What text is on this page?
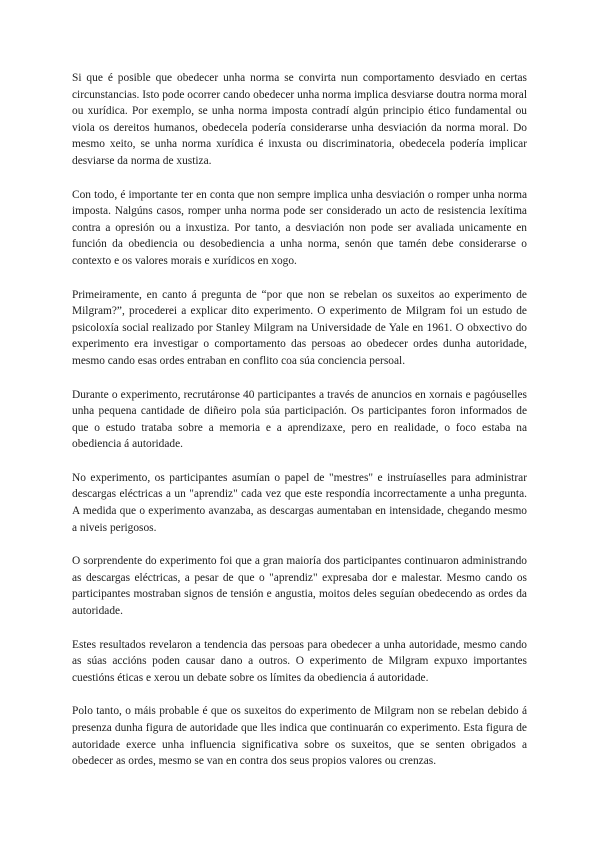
Si que é posible que obedecer unha norma se convirta nun comportamento desviado en certas circunstancias. Isto pode ocorrer cando obedecer unha norma implica desviarse doutra norma moral ou xurídica. Por exemplo, se unha norma imposta contradí algún principio ético fundamental ou viola os dereitos humanos, obedecela podería considerarse unha desviación da norma moral. Do mesmo xeito, se unha norma xurídica é inxusta ou discriminatoria, obedecela podería implicar desviarse da norma de xustiza.

Con todo, é importante ter en conta que non sempre implica unha desviación o romper unha norma imposta. Nalgúns casos, romper unha norma pode ser considerado un acto de resistencia lexítima contra a opresión ou a inxustiza. Por tanto, a desviación non pode ser avaliada unicamente en función da obediencia ou desobediencia a unha norma, senón que tamén debe considerarse o contexto e os valores morais e xurídicos en xogo.

Primeiramente, en canto á pregunta de “por que non se rebelan os suxeitos ao experimento de Milgram?”, procederei a explicar dito experimento. O experimento de Milgram foi un estudo de psicoloxía social realizado por Stanley Milgram na Universidade de Yale en 1961. O obxectivo do experimento era investigar o comportamento das persoas ao obedecer ordes dunha autoridade, mesmo cando esas ordes entraban en conflito coa súa conciencia persoal.

Durante o experimento, recrutáronse 40 participantes a través de anuncios en xornais e pagóuselles unha pequena cantidade de diñeiro pola súa participación. Os participantes foron informados de que o estudo trataba sobre a memoria e a aprendizaxe, pero en realidade, o foco estaba na obediencia á autoridade.

No experimento, os participantes asumían o papel de "mestres" e instruíaselles para administrar descargas eléctricas a un "aprendiz" cada vez que este respondía incorrectamente a unha pregunta. A medida que o experimento avanzaba, as descargas aumentaban en intensidade, chegando mesmo a niveis perigosos.

O sorprendente do experimento foi que a gran maioría dos participantes continuaron administrando as descargas eléctricas, a pesar de que o "aprendiz" expresaba dor e malestar. Mesmo cando os participantes mostraban signos de tensión e angustia, moitos deles seguían obedecendo as ordes da autoridade.

Estes resultados revelaron a tendencia das persoas para obedecer a unha autoridade, mesmo cando as súas accións poden causar dano a outros. O experimento de Milgram expuxo importantes cuestións éticas e xerou un debate sobre os límites da obediencia á autoridade.

Polo tanto, o máis probable é que os suxeitos do experimento de Milgram non se rebelan debido á presenza dunha figura de autoridade que lles indica que continuarán co experimento. Esta figura de autoridade exerce unha influencia significativa sobre os suxeitos, que se senten obrigados a obedecer as ordes, mesmo se van en contra dos seus propios valores ou crenzas.
